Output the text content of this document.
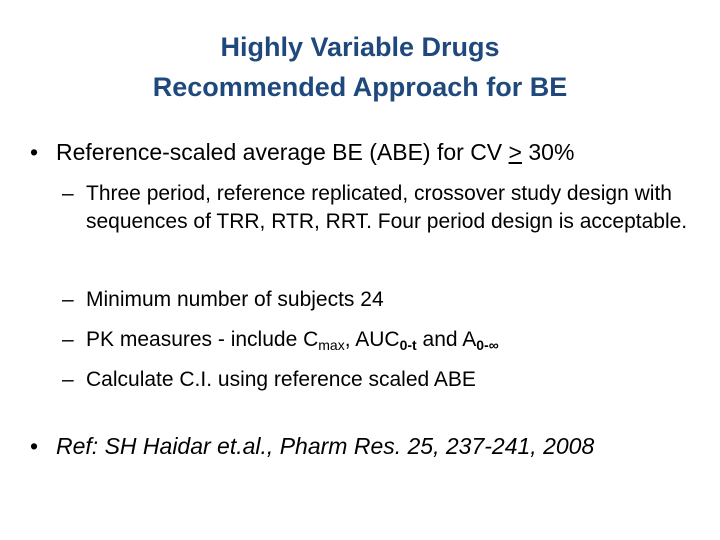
Highly Variable Drugs
Recommended Approach for BE
• Reference-scaled average BE (ABE) for CV ≥ 30%
– Three period, reference replicated, crossover study design with sequences of TRR, RTR, RRT. Four period design is acceptable.
– Minimum number of subjects 24
– PK measures - include $C_{max}$, $AUC_{0-t}$ and $A_{0-\infty}$
– Calculate C.I. using reference scaled ABE
• Ref: SH Haidar et.al., Pharm Res. 25, 237-241, 2008
